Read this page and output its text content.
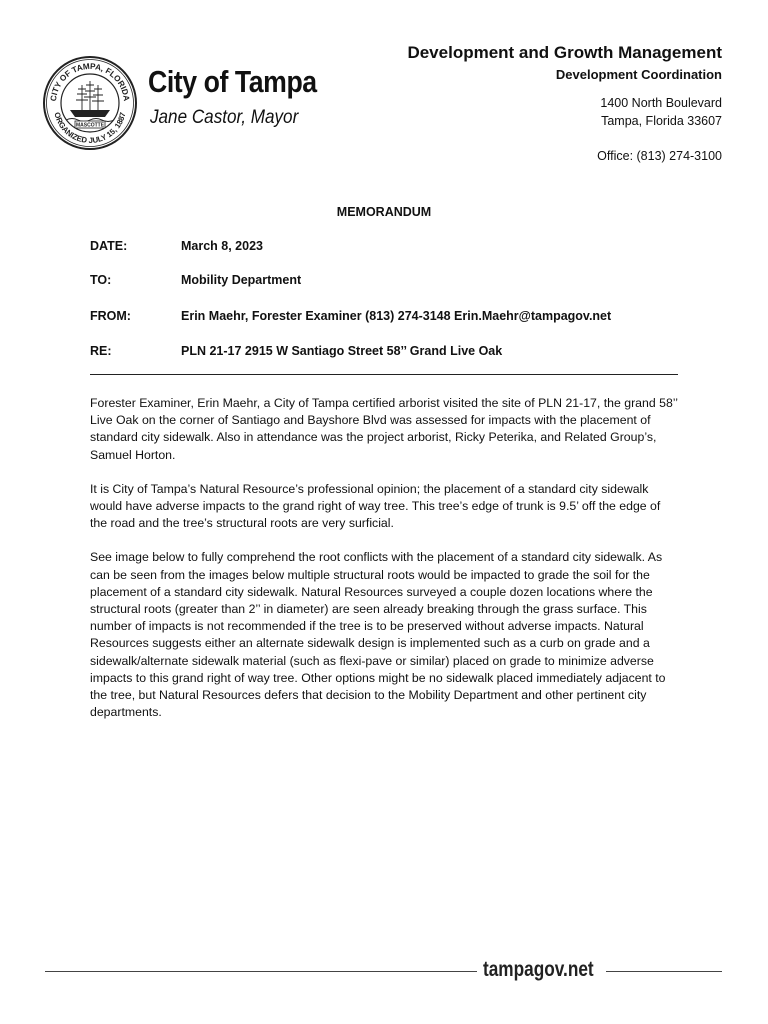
CITY OF TAMPA, FLORIDA
ORGANIZED JULY 15, 1887
MASCOTTE
City of Tampa
Jane Castor, Mayor
Development and Growth Management
Development Coordination
1400 North Boulevard
Tampa, Florida 33607
Office: (813) 274-3100
MEMORANDUM
DATE:	March 8, 2023
TO:	Mobility Department
FROM:	Erin Maehr, Forester Examiner (813) 274-3148 Erin.Maehr@tampagov.net
RE:	PLN 21-17 2915 W Santiago Street 58’’ Grand Live Oak

Forester Examiner, Erin Maehr, a City of Tampa certified arborist visited the site of PLN 21-17, the grand 58’’ Live Oak on the corner of Santiago and Bayshore Blvd was assessed for impacts with the placement of standard city sidewalk. Also in attendance was the project arborist, Ricky Peterika, and Related Group’s, Samuel Horton.

It is City of Tampa’s Natural Resource’s professional opinion; the placement of a standard city sidewalk would have adverse impacts to the grand right of way tree. This tree’s edge of trunk is 9.5’ off the edge of the road and the tree’s structural roots are very surficial.

See image below to fully comprehend the root conflicts with the placement of a standard city sidewalk. As can be seen from the images below multiple structural roots would be impacted to grade the soil for the placement of a standard city sidewalk. Natural Resources surveyed a couple dozen locations where the structural roots (greater than 2’’ in diameter) are seen already breaking through the grass surface. This number of impacts is not recommended if the tree is to be preserved without adverse impacts. Natural Resources suggests either an alternate sidewalk design is implemented such as a curb on grade and a sidewalk/alternate sidewalk material (such as flexi-pave or similar) placed on grade to minimize adverse impacts to this grand right of way tree. Other options might be no sidewalk placed immediately adjacent to the tree, but Natural Resources defers that decision to the Mobility Department and other pertinent city departments.

tampagov.net
